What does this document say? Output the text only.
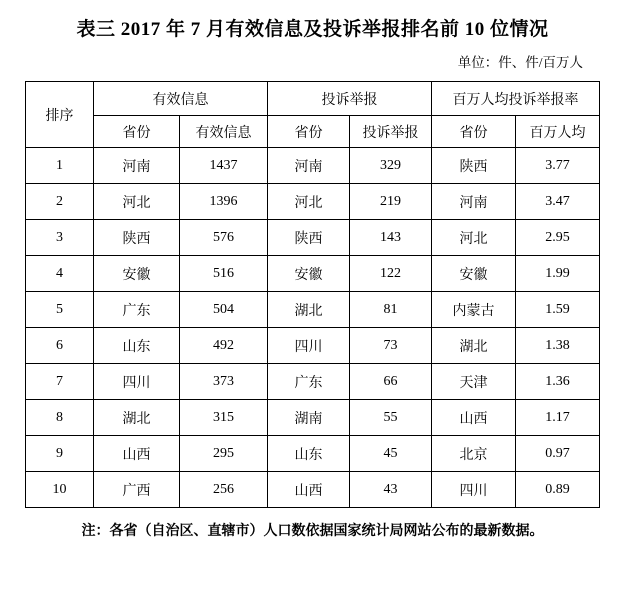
表三 2017 年 7 月有效信息及投诉举报排名前 10 位情况
单位：件、件/百万人
排序	有效信息		投诉举报		百万人均投诉举报率	
	省份	有效信息	省份	投诉举报	省份	百万人均
1	河南	1437	河南	329	陕西	3.77
2	河北	1396	河北	219	河南	3.47
3	陕西	576	陕西	143	河北	2.95
4	安徽	516	安徽	122	安徽	1.99
5	广东	504	湖北	81	内蒙古	1.59
6	山东	492	四川	73	湖北	1.38
7	四川	373	广东	66	天津	1.36
8	湖北	315	湖南	55	山西	1.17
9	山西	295	山东	45	北京	0.97
10	广西	256	山西	43	四川	0.89
注：各省（自治区、直辖市）人口数依据国家统计局网站公布的最新数据。
